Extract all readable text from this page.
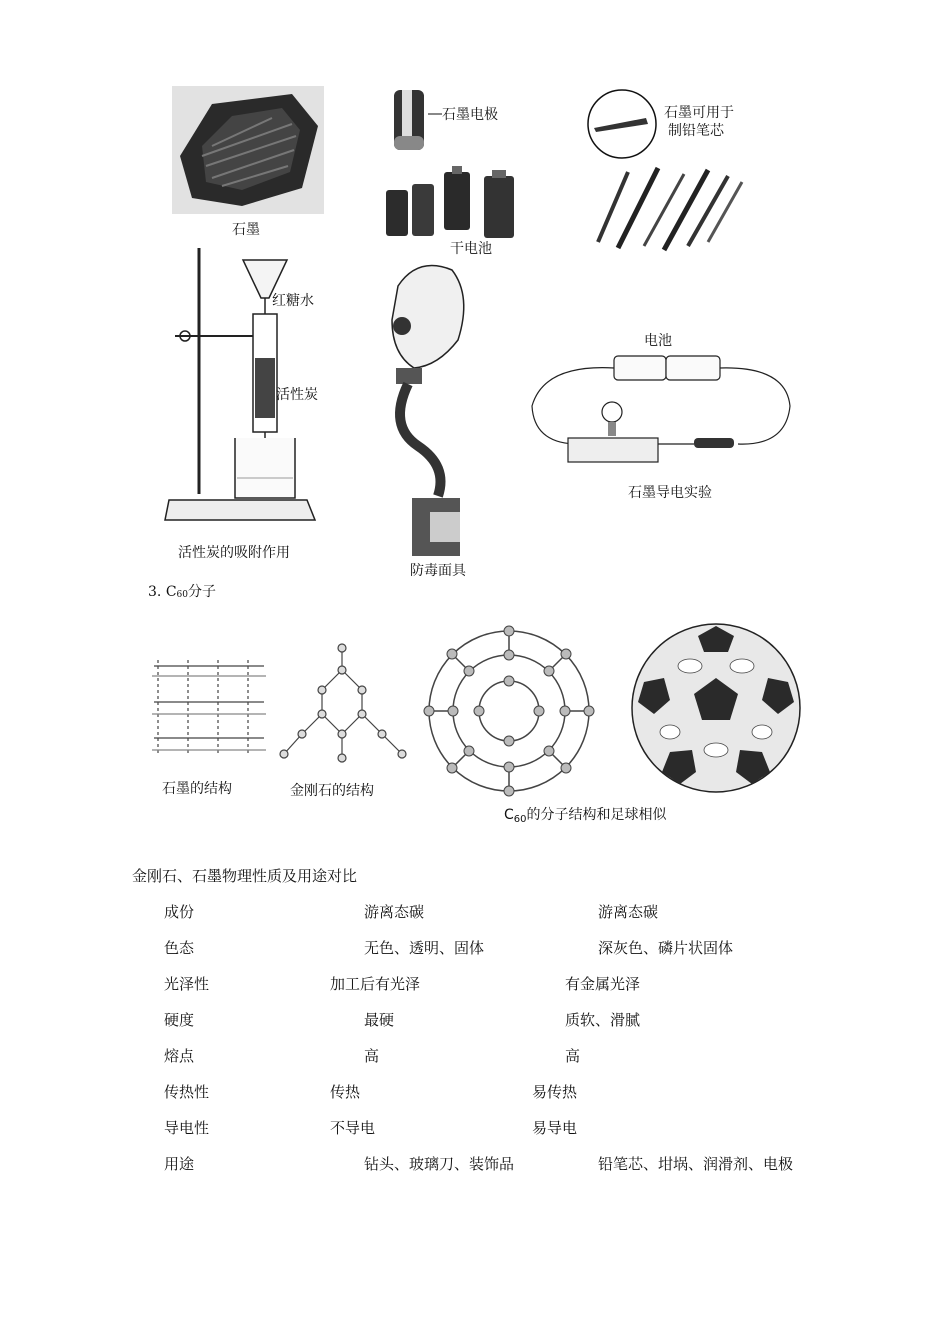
石墨
石墨电极
干电池
石墨可用于
制铅笔芯
红糖水
活性炭
活性炭的吸附作用
防毒面具
电池
石墨导电实验
3. C60分子
石墨的结构	金刚石的结构
$C_{60}$的分子结构和足球相似
金刚石、石墨物理性质及用途对比
成份	游离态碳	游离态碳
色态	无色、透明、固体	深灰色、磷片状固体
光泽性	加工后有光泽	有金属光泽
硬度	最硬	质软、滑腻
熔点	高	高
传热性	传热	易传热
导电性	不导电	易导电
用途	钻头、玻璃刀、装饰品	铅笔芯、坩埚、润滑剂、电极
